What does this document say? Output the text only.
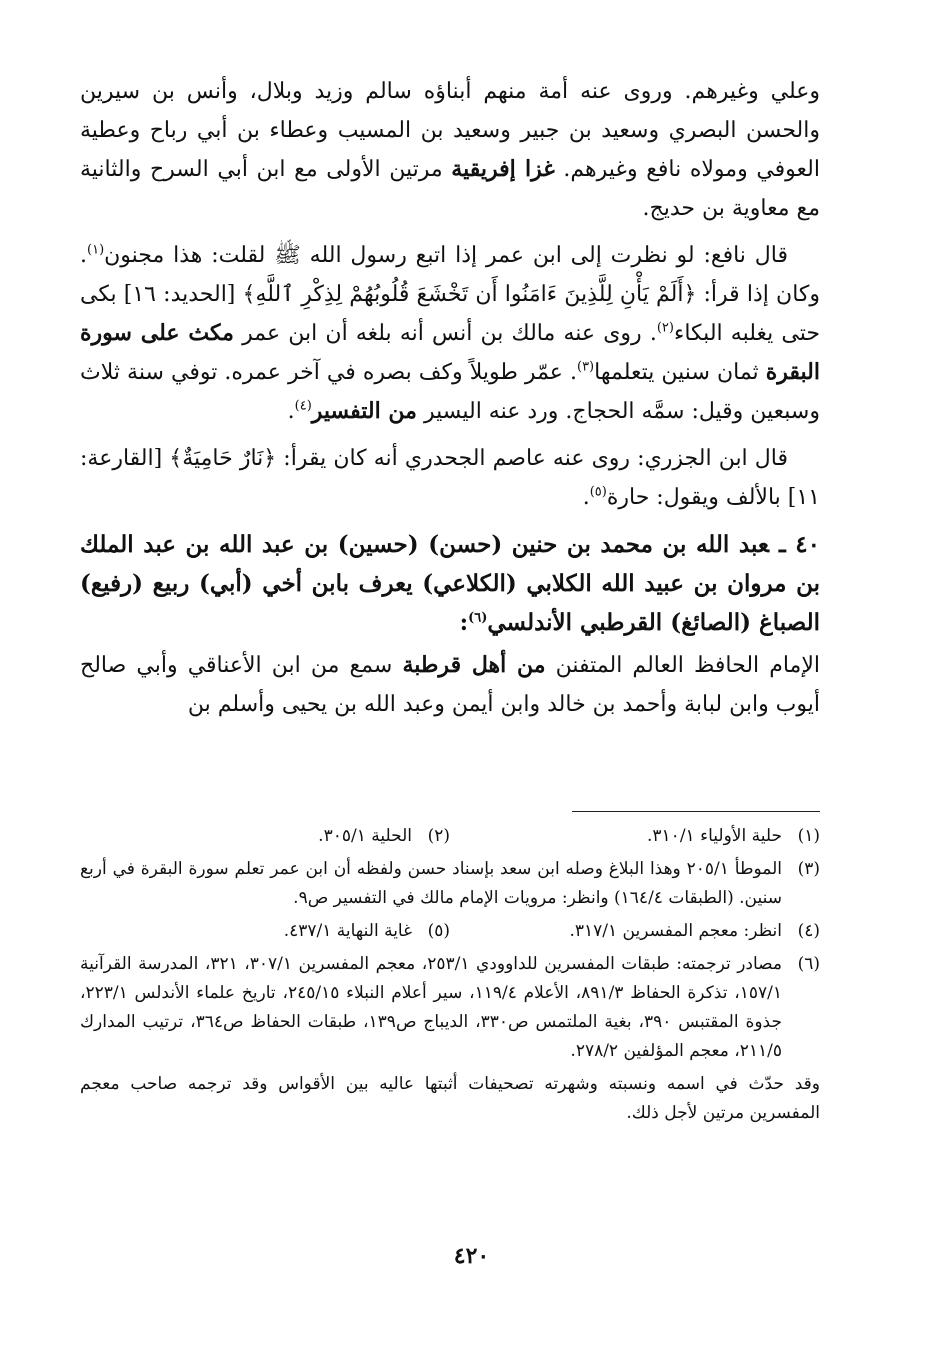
وعلي وغيرهم. وروى عنه أمة منهم أبناؤه سالم وزيد وبلال، وأنس بن سيرين والحسن البصري وسعيد بن جبير وسعيد بن المسيب وعطاء بن أبي رباح وعطية العوفي ومولاه نافع وغيرهم. غزا إفريقية مرتين الأولى مع ابن أبي السرح والثانية مع معاوية بن حديج.

قال نافع: لو نظرت إلى ابن عمر إذا اتبع رسول الله ﷺ لقلت: هذا مجنون$^{(١)}$. وكان إذا قرأ: ﴿أَلَمْ يَأْنِ لِلَّذِينَ ءَامَنُوا أَن تَخْشَعَ قُلُوبُهُمْ لِذِكْرِ ٱللَّهِ﴾ [الحديد: ١٦] بكى حتى يغلبه البكاء$^{(٢)}$. روى عنه مالك بن أنس أنه بلغه أن ابن عمر مكث على سورة البقرة ثمان سنين يتعلمها$^{(٣)}$. عمّر طويلاً وكف بصره في آخر عمره. توفي سنة ثلاث وسبعين وقيل: سمَّه الحجاج. ورد عنه اليسير من التفسير$^{(٤)}$.

قال ابن الجزري: روى عنه عاصم الجحدري أنه كان يقرأ: ﴿نَارٌ حَامِيَةٌ﴾ [القارعة: ١١] بالألف ويقول: حارة$^{(٥)}$.

٤٠ ـعبد الله بن محمد بن حنين (حسن) (حسين) بن عبد الله بن عبد الملك بن مروان بن عبيد الله الكلابي (الكلاعي) يعرف بابن أخي (أبي) ربيع (رفيع) الصباغ (الصائغ) القرطبي الأندلسي$^{(٦)}$:

الإمام الحافظ العالم المتفنن من أهل قرطبة سمع من ابن الأعناقي وأبي صالح أيوب وابن لبابة وأحمد بن خالد وابن أيمن وعبد الله بن يحيى وأسلم بن

(١)
حلية الأولياء ٣١٠/١.
(٢)
الحلية ٣٠٥/١.
(٣)
الموطأ ٢٠٥/١ وهذا البلاغ وصله ابن سعد بإسناد حسن ولفظه أن ابن عمر تعلم سورة البقرة في أربع سنين. (الطبقات ١٦٤/٤) وانظر: مرويات الإمام مالك في التفسير ص٩.
(٤)
انظر: معجم المفسرين ٣١٧/١.
(٥)
غاية النهاية ٤٣٧/١.
(٦)
مصادر ترجمته: طبقات المفسرين للداوودي ٢٥٣/١، معجم المفسرين ٣٠٧/١، ٣٢١، المدرسة القرآنية ١٥٧/١، تذكرة الحفاظ ٨٩١/٣، الأعلام ١١٩/٤، سير أعلام النبلاء ٢٤٥/١٥، تاريخ علماء الأندلس ٢٢٣/١، جذوة المقتبس ٣٩٠، بغية الملتمس ص٣٣٠، الديباج ص١٣٩، طبقات الحفاظ ص٣٦٤، ترتيب المدارك ٢١١/٥، معجم المؤلفين ٢٧٨/٢.
وقد حدّث في اسمه ونسبته وشهرته تصحيفات أثبتها عاليه بين الأقواس وقد ترجمه صاحب معجم المفسرين مرتين لأجل ذلك.
٤٢٠
